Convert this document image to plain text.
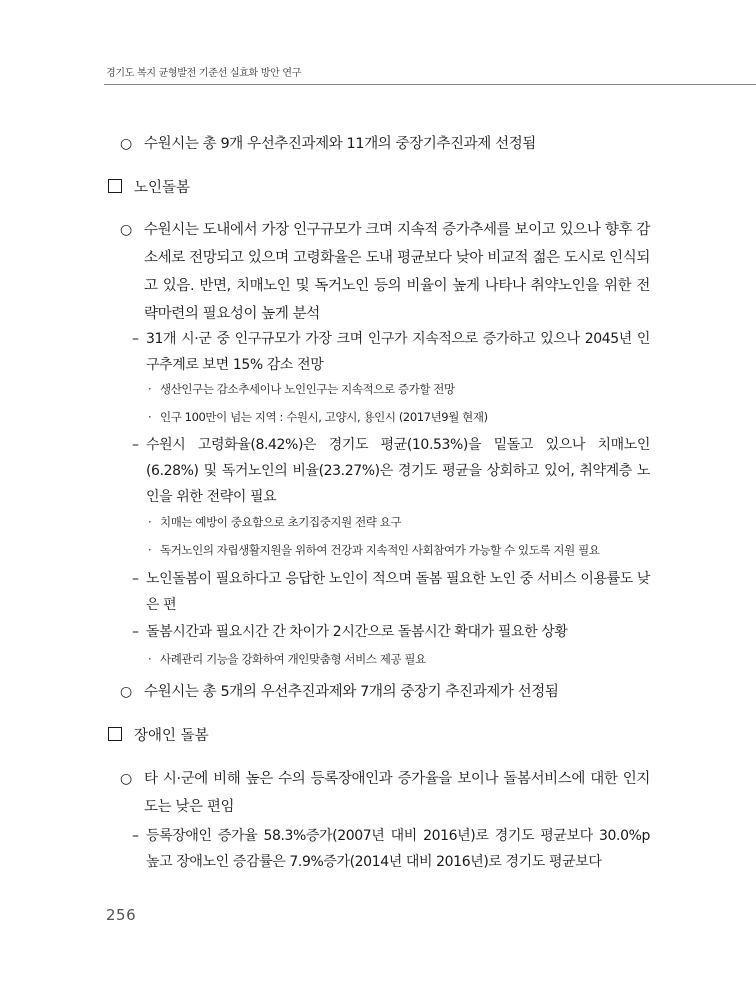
경기도 복지 균형발전 기준선 실효화 방안 연구
○ 수원시는 총 9개 우선추진과제와 11개의 중장기추진과제 선정됨
노인돌봄
○ 수원시는 도내에서 가장 인구규모가 크며 지속적 증가추세를 보이고 있으나 향후 감소세로 전망되고 있으며 고령화율은 도내 평균보다 낮아 비교적 젊은 도시로 인식되고 있음. 반면, 치매노인 및 독거노인 등의 비율이 높게 나타나 취약노인을 위한 전략마련의 필요성이 높게 분석
– 31개 시·군 중 인구규모가 가장 크며 인구가 지속적으로 증가하고 있으나 2045년 인구추계로 보면 15% 감소 전망
· 생산인구는 감소추세이나 노인인구는 지속적으로 증가할 전망
· 인구 100만이 넘는 지역 : 수원시, 고양시, 용인시 (2017년9월 현재)
– 수원시 고령화율(8.42%)은 경기도 평균(10.53%)을 밑돌고 있으나 치매노인(6.28%) 및 독거노인의 비율(23.27%)은 경기도 평균을 상회하고 있어, 취약계층 노인을 위한 전략이 필요
· 치매는 예방이 중요함으로 초기집중지원 전략 요구
· 독거노인의 자립생활지원을 위하여 건강과 지속적인 사회참여가 가능할 수 있도록 지원 필요
– 노인돌봄이 필요하다고 응답한 노인이 적으며 돌봄 필요한 노인 중 서비스 이용률도 낮은 편
– 돌봄시간과 필요시간 간 차이가 2시간으로 돌봄시간 확대가 필요한 상황
· 사례관리 기능을 강화하여 개인맞춤형 서비스 제공 필요
○ 수원시는 총 5개의 우선추진과제와 7개의 중장기 추진과제가 선정됨
장애인 돌봄
○ 타 시·군에 비해 높은 수의 등록장애인과 증가율을 보이나 돌봄서비스에 대한 인지도는 낮은 편임
– 등록장애인 증가율 58.3%증가(2007년 대비 2016년)로 경기도 평균보다 30.0%p 높고 장애노인 증감률은 7.9%증가(2014년 대비 2016년)로 경기도 평균보다
256
